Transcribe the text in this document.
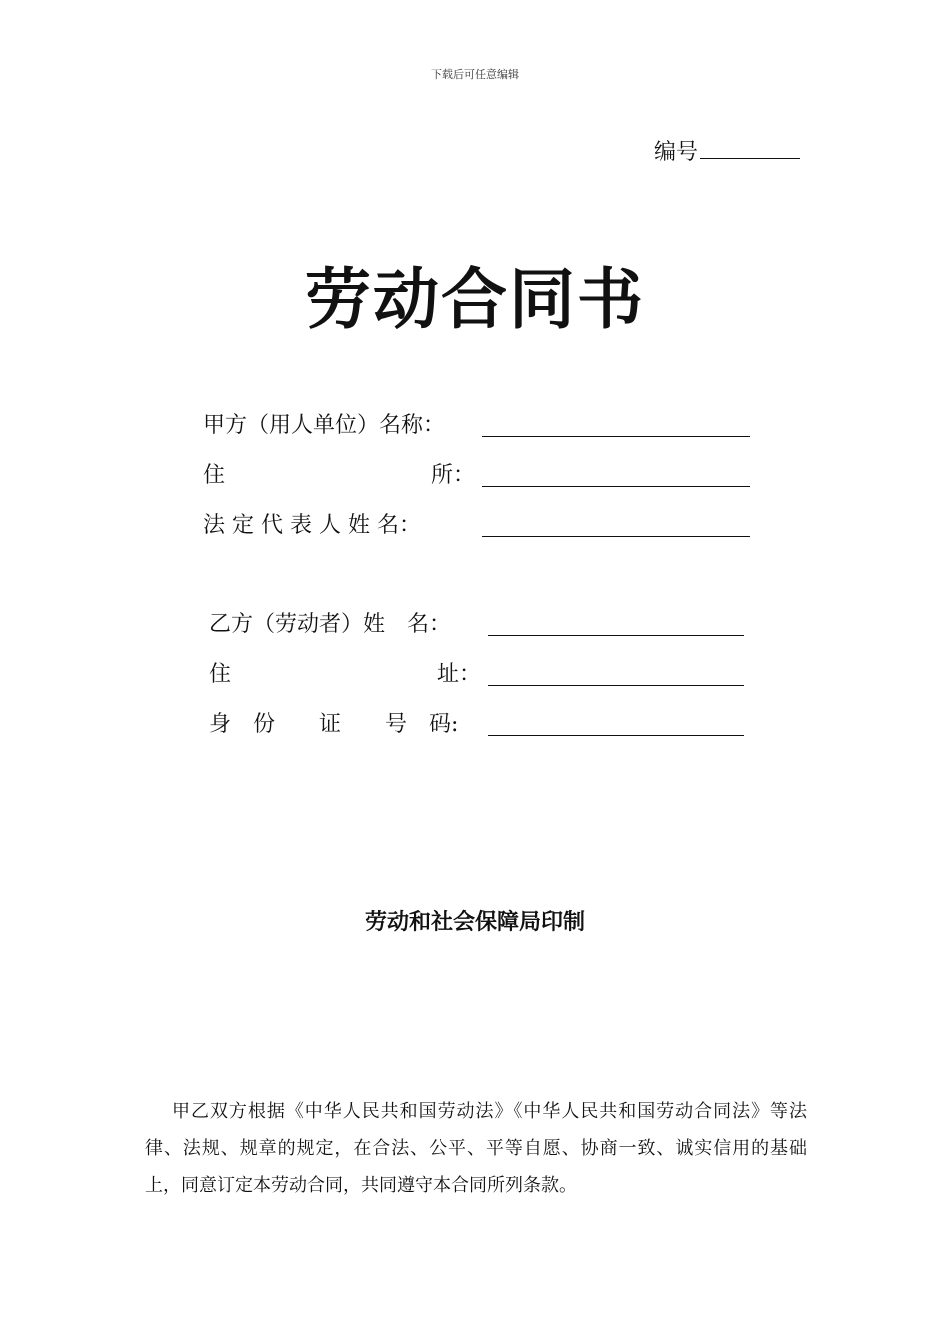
下载后可任意编辑
编号
劳动合同书
甲方（用人单位）名称：
住	所：
法 定 代 表 人 姓 名：
乙方（劳动者）姓　名：
住	址：
身　份　　证　　号　码:
劳动和社会保障局印制
甲乙双方根据《中华人民共和国劳动法》《中华人民共和国劳动合同法》等法律、法规、规章的规定，在合法、公平、平等自愿、协商一致、诚实信用的基础上，同意订定本劳动合同，共同遵守本合同所列条款。
